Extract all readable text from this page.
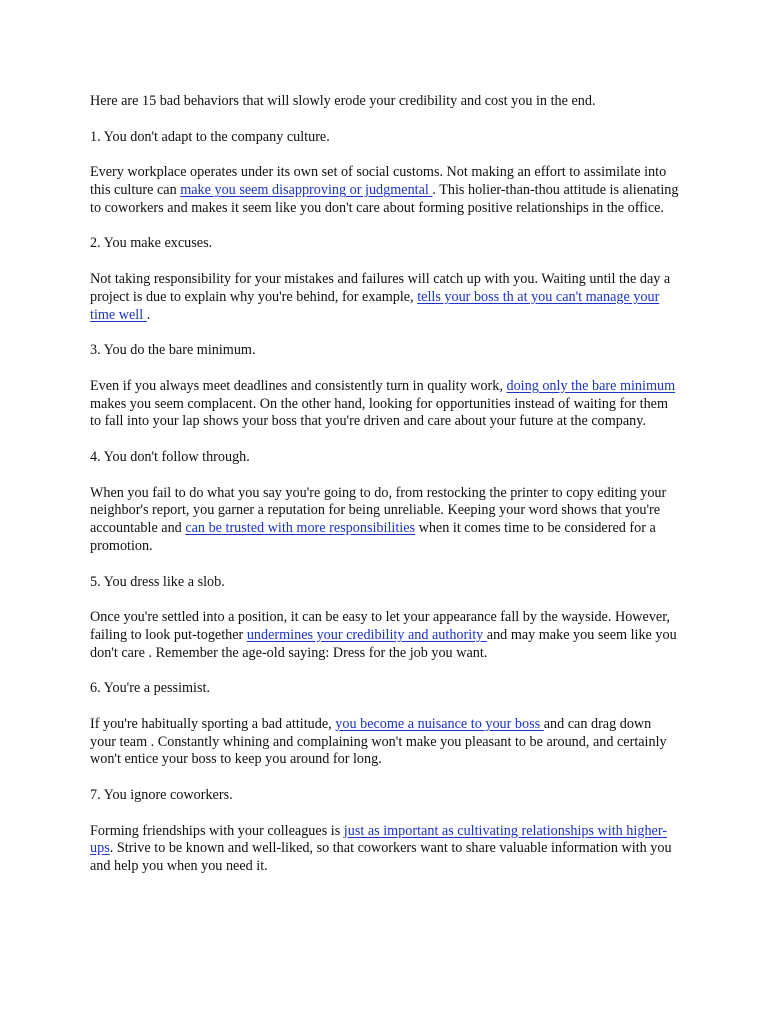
Here are 15 bad behaviors that will slowly erode your credibility and cost you in the end.

1. You don't adapt to the company culture.

Every workplace operates under its own set of social customs. Not making an effort to assimilate into this culture can make you seem disapproving or judgmental . This holier-than-thou attitude is alienating to coworkers and makes it seem like you don't care about forming positive relationships in the office.

2. You make excuses.

Not taking responsibility for your mistakes and failures will catch up with you. Waiting until the day a project is due to explain why you're behind, for example, tells your boss th at you can't manage your time well .

3. You do the bare minimum.

Even if you always meet deadlines and consistently turn in quality work, doing only the bare minimum makes you seem complacent. On the other hand, looking for opportunities instead of waiting for them to fall into your lap shows your boss that you're driven and care about your future at the company.

4. You don't follow through.

When you fail to do what you say you're going to do, from restocking the printer to copy editing your neighbor's report, you garner a reputation for being unreliable. Keeping your word shows that you're accountable and can be trusted with more responsibilities when it comes time to be considered for a promotion.

5. You dress like a slob.

Once you're settled into a position, it can be easy to let your appearance fall by the wayside. However, failing to look put-together undermines your credibility and authority and may make you seem like you don't care . Remember the age-old saying: Dress for the job you want.

6. You're a pessimist.

If you're habitually sporting a bad attitude, you become a nuisance to your boss and can drag down your team . Constantly whining and complaining won't make you pleasant to be around, and certainly won't entice your boss to keep you around for long.

7. You ignore coworkers.

Forming friendships with your colleagues is just as important as cultivating relationships with higher-ups. Strive to be known and well-liked, so that coworkers want to share valuable information with you and help you when you need it.
